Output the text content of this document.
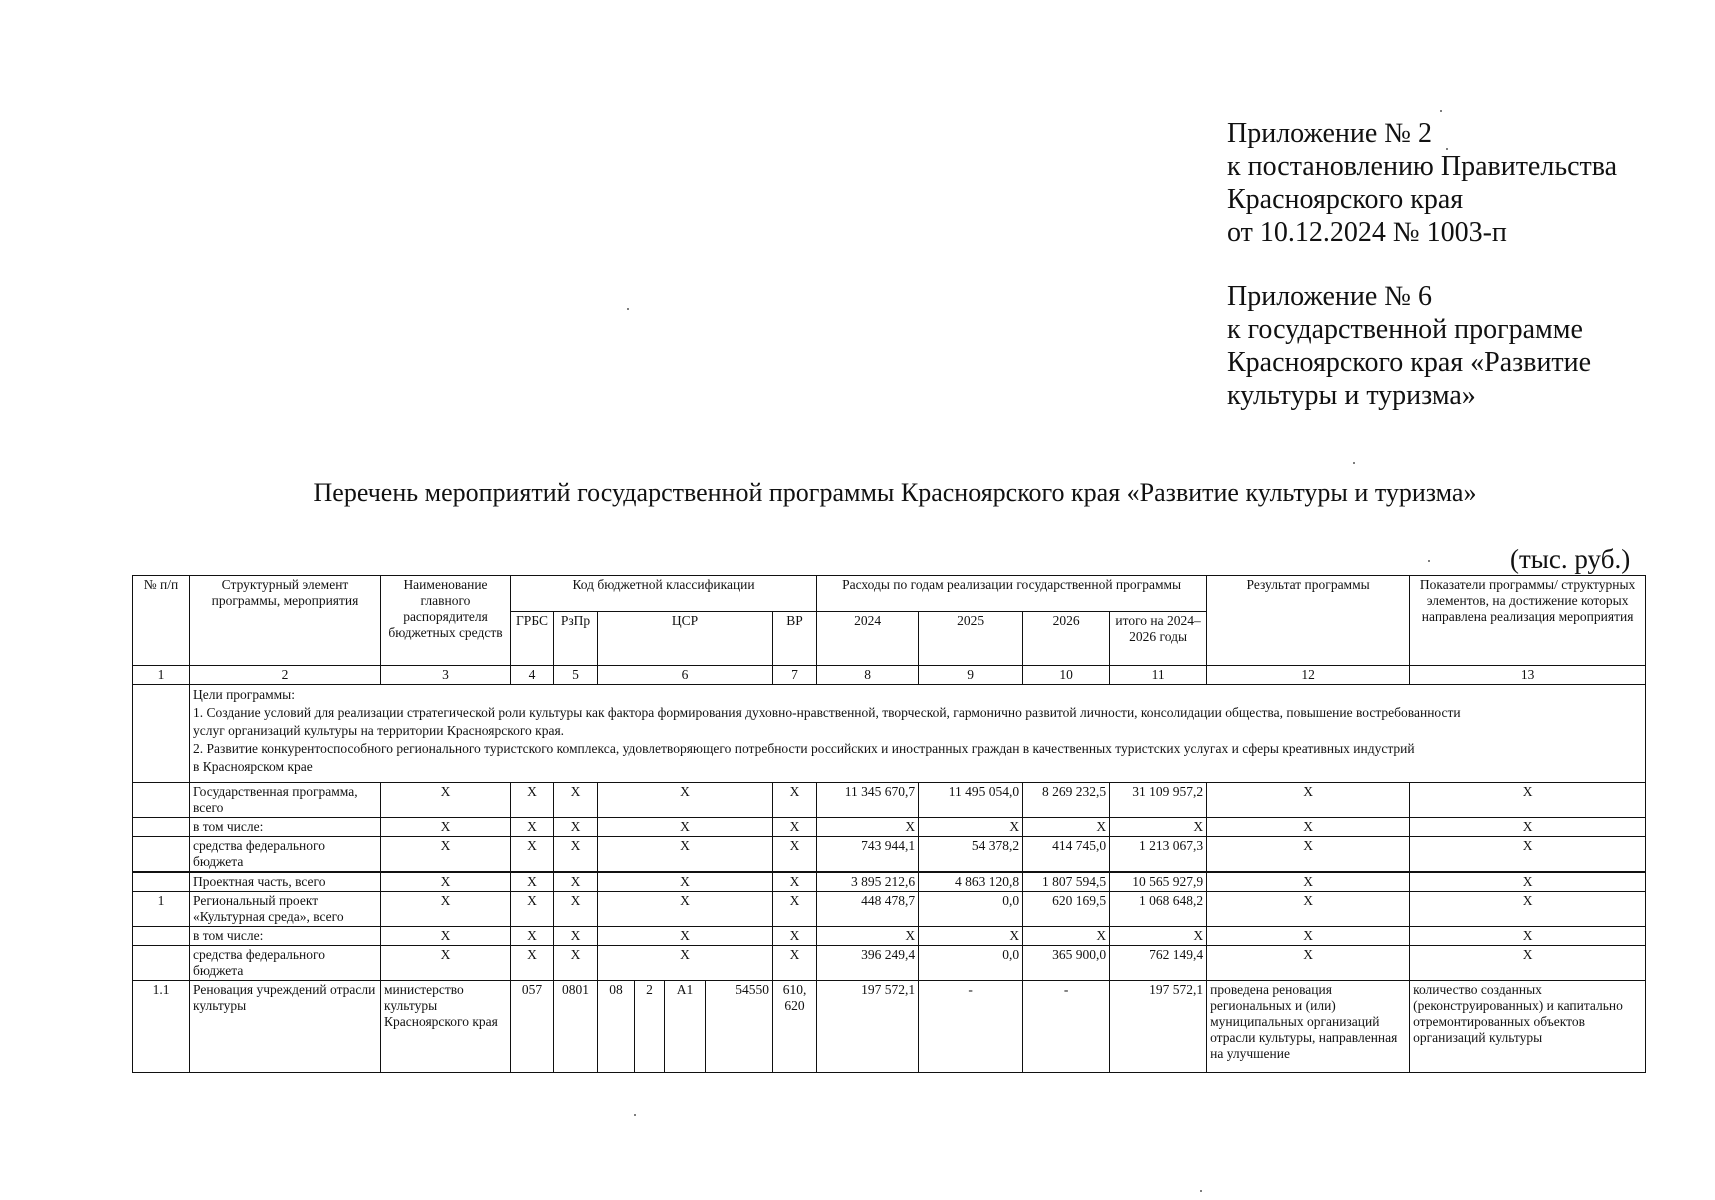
Приложение № 2
к постановлению Правительства
Красноярского края
от 10.12.2024 № 1003-п
Приложение № 6
к государственной программе
Красноярского края «Развитие
культуры и туризма»
Перечень мероприятий государственной программы Красноярского края «Развитие культуры и туризма»
(тыс. руб.)
№ п/п	Структурный элемент программы, мероприятия	Наименование главного распорядителя бюджетных средств	Код бюджетной классификации							Расходы по годам реализации государственной программы				Результат программы	Показатели программы/ структурных элементов, на достижение которых направлена реализация мероприятия
			ГРБС	РзПр	ЦСР				ВР	2024	2025	2026	итого на 2024–2026 годы		
1	2	3	4	5	6				7	8	9	10	11	12	13

	Цели программы:
1. Создание условий для реализации стратегической роли культуры как фактора формирования духовно-нравственной, творческой, гармонично развитой личности, консолидации общества, повышение востребованности
услуг организаций культуры на территории Красноярского края.
2. Развитие конкурентоспособного регионального туристского комплекса, удовлетворяющего потребности российских и иностранных граждан в качественных туристских услугах и сферы креативных индустрий
в Красноярском крае														

	Государственная программа, всего	Х	Х	Х	Х				Х	11 345 670,7	11 495 054,0	8 269 232,5	31 109 957,2	Х	Х
	в том числе:	Х	Х	Х	Х				Х	Х	Х	Х	Х	Х	Х
	средства федерального бюджета	Х	Х	Х	Х				Х	743 944,1	54 378,2	414 745,0	1 213 067,3	Х	Х
	Проектная часть, всего	Х	Х	Х	Х				Х	3 895 212,6	4 863 120,8	1 807 594,5	10 565 927,9	Х	Х
1	Региональный проект «Культурная среда», всего	Х	Х	Х	Х				Х	448 478,7	0,0	620 169,5	1 068 648,2	Х	Х
	в том числе:	Х	Х	Х	Х				Х	Х	Х	Х	Х	Х	Х
	средства федерального бюджета	Х	Х	Х	Х				Х	396 249,4	0,0	365 900,0	762 149,4	Х	Х
1.1	Реновация учреждений отрасли культуры	министерство культуры Красноярского края	057	0801	08	2	А1	54550	610, 620	197 572,1	-	-	197 572,1	проведена реновация региональных и (или) муниципальных организаций отрасли культуры, направленная на улучшение	количество созданных (реконструированных) и капитально отремонтированных объектов организаций культуры
